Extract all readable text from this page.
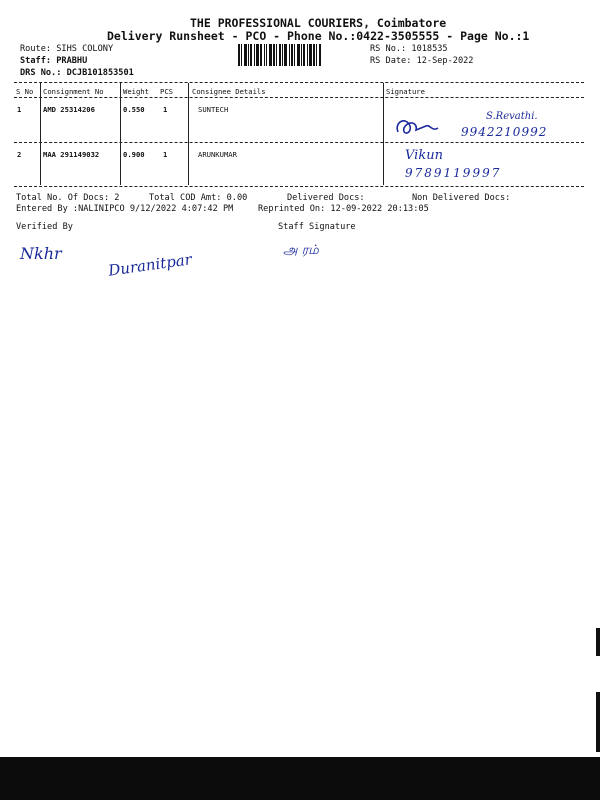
THE PROFESSIONAL COURIERS, Coimbatore
Delivery Runsheet - PCO - Phone No.:0422-3505555 - Page No.:1
Route: SIHS COLONY
Staff: PRABHU
DRS No.: DCJB101853501
RS No.: 1018535
RS Date: 12-Sep-2022
S No Consignment No	Weight PCS	Consignee Details	Signature
1	AMD 25314206	0.550	1	SUNTECH
S.Revathi.
9942210992
2	MAA 291149032	0.900	1	ARUNKUMAR	Vikun
9789119997
Total No. Of Docs: 2	Total COD Amt: 0.00	Delivered Docs:	Non Delivered Docs:
Entered By :NALINIPCO 9/12/2022 4:07:42 PM	Reprinted On: 12-09-2022 20:13:05
Verified By	Staff Signature
Nkhr	Duranitpar	அ ரம்
